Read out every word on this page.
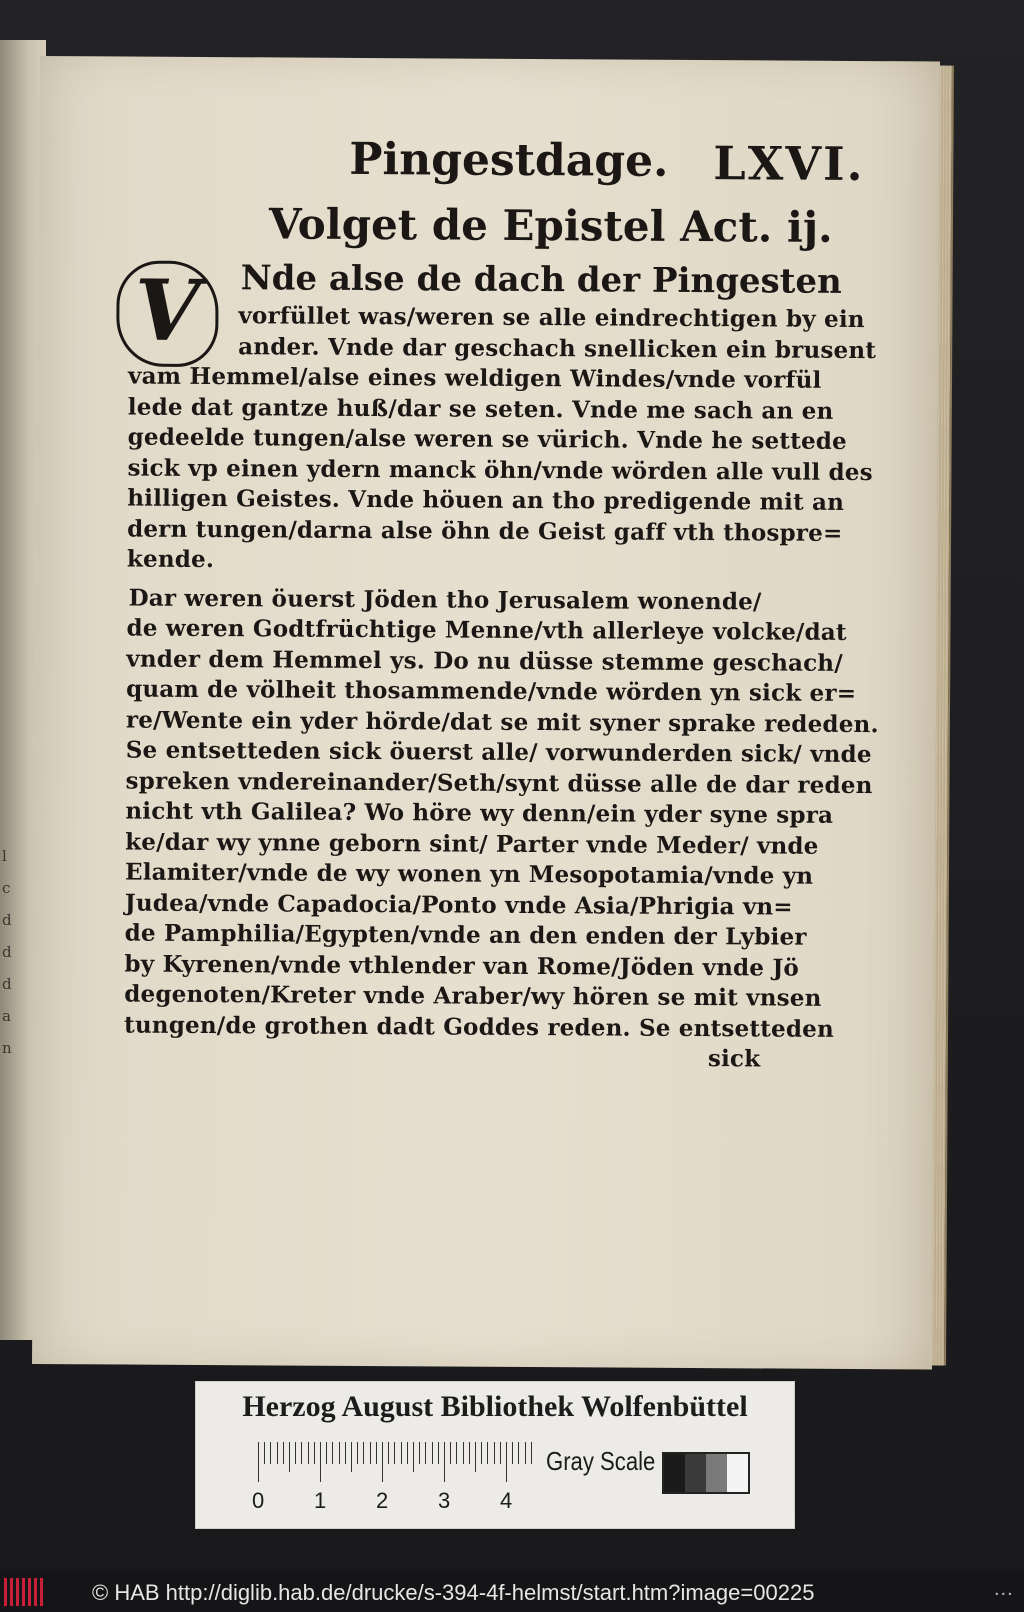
l
c
d
d
d
a
n
Pingestdage. LXVI.
Volget de Epistel Act. ij.
V	Nde alse de dach der Pingesten
vorfüllet was/weren se alle eindrechtigen by ein
ander. Vnde dar geschach snellicken ein brusent
vam Hemmel/alse eines weldigen Windes/vnde vorfül
lede dat gantze huß/dar se seten. Vnde me sach an en
gedeelde tungen/alse weren se vürich. Vnde he settede
sick vp einen ydern manck öhn/vnde wörden alle vull des
hilligen Geistes. Vnde höuen an tho predigende mit an
dern tungen/darna alse öhn de Geist gaff vth thospre=
kende.
Dar weren öuerst Jöden tho Jerusalem wonende/
de weren Godtfrüchtige Menne/vth allerleye volcke/dat
vnder dem Hemmel ys. Do nu düsse stemme geschach/
quam de völheit thosammende/vnde wörden yn sick er=
re/Wente ein yder hörde/dat se mit syner sprake rededen.
Se entsetteden sick öuerst alle/ vorwunderden sick/ vnde
spreken vndereinander/Seth/synt düsse alle de dar reden
nicht vth Galilea? Wo höre wy denn/ein yder syne spra
ke/dar wy ynne geborn sint/ Parter vnde Meder/ vnde
Elamiter/vnde de wy wonen yn Mesopotamia/vnde yn
Judea/vnde Capadocia/Ponto vnde Asia/Phrigia vn=
de Pamphilia/Egypten/vnde an den enden der Lybier
by Kyrenen/vnde vthlender van Rome/Jöden vnde Jö
degenoten/Kreter vnde Araber/wy hören se mit vnsen
tungen/de grothen dadt Goddes reden. Se entsetteden
sick
Herzog August Bibliothek Wolfenbüttel
0 1 2 3 4
Gray Scale
© HAB http://diglib.hab.de/drucke/s-394-4f-helmst/start.htm?image=00225	...
